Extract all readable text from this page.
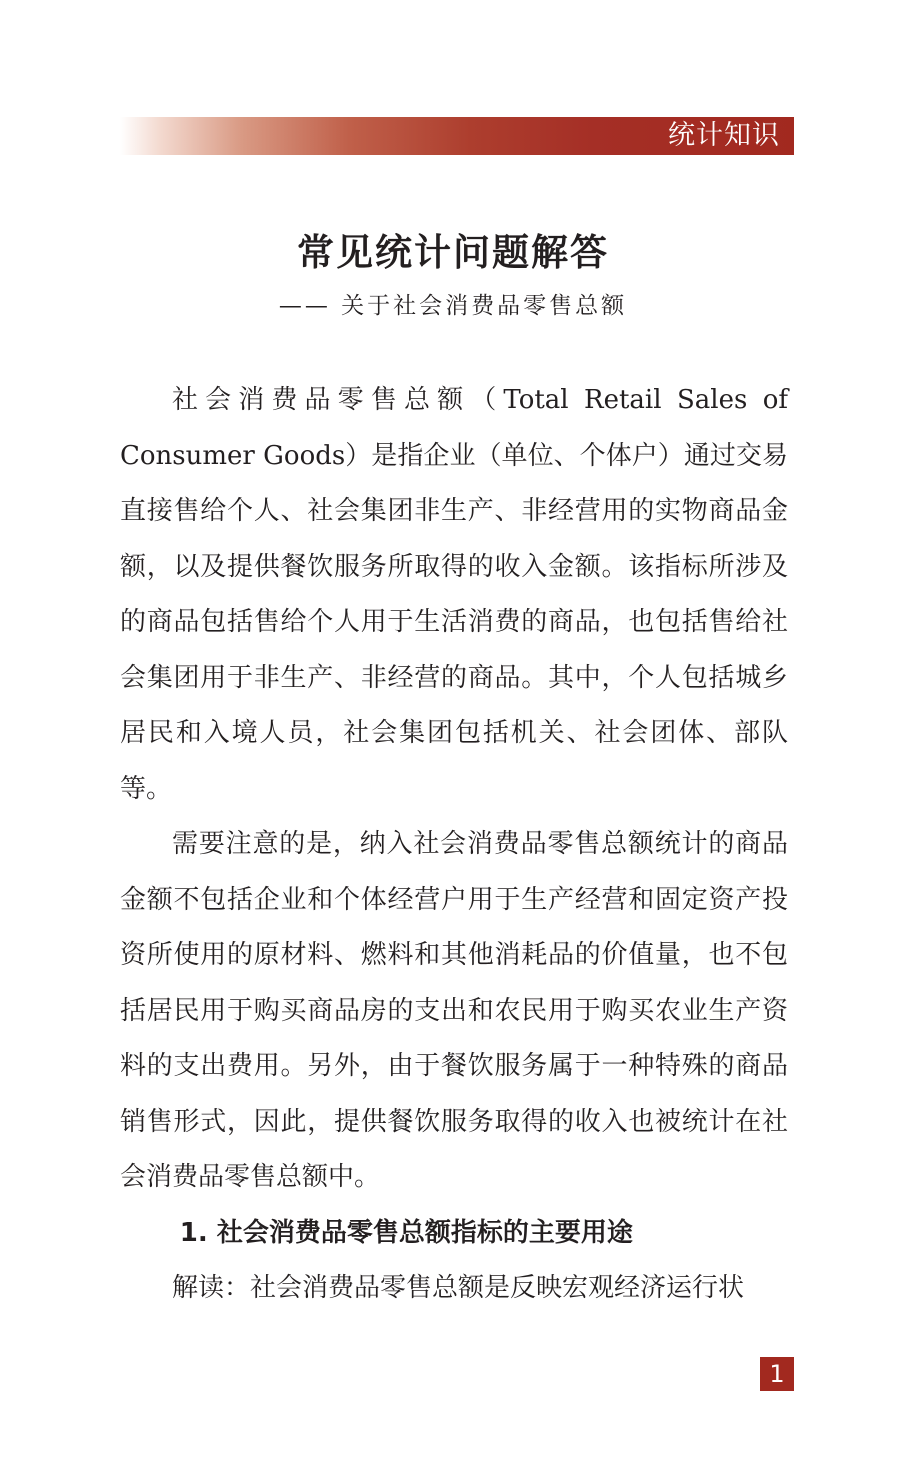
统计知识
常见统计问题解答

—— 关于社会消费品零售总额

社会消费品零售总额（Total Retail Sales of Consumer Goods）是指企业（单位、个体户）通过交易直接售给个人、社会集团非生产、非经营用的实物商品金额，以及提供餐饮服务所取得的收入金额。该指标所涉及的商品包括售给个人用于生活消费的商品，也包括售给社会集团用于非生产、非经营的商品。其中，个人包括城乡居民和入境人员，社会集团包括机关、社会团体、部队等。

需要注意的是，纳入社会消费品零售总额统计的商品金额不包括企业和个体经营户用于生产经营和固定资产投资所使用的原材料、燃料和其他消耗品的价值量，也不包括居民用于购买商品房的支出和农民用于购买农业生产资料的支出费用。另外，由于餐饮服务属于一种特殊的商品销售形式，因此，提供餐饮服务取得的收入也被统计在社会消费品零售总额中。

1. 社会消费品零售总额指标的主要用途

解读：社会消费品零售总额是反映宏观经济运行状

1
